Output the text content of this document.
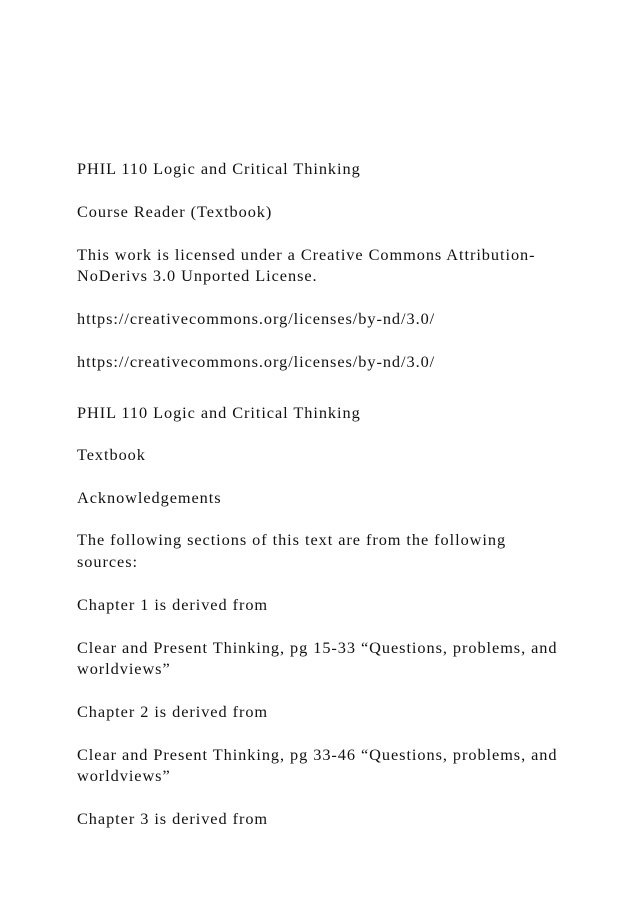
PHIL 110 Logic and Critical Thinking

Course Reader (Textbook)

This work is licensed under a Creative Commons Attribution-

NoDerivs 3.0 Unported License.

https://creativecommons.org/licenses/by-nd/3.0/

https://creativecommons.org/licenses/by-nd/3.0/

PHIL 110 Logic and Critical Thinking

Textbook

Acknowledgements

The following sections of this text are from the following

sources:

Chapter 1 is derived from

Clear and Present Thinking, pg 15-33 “Questions, problems, and

worldviews”

Chapter 2 is derived from

Clear and Present Thinking, pg 33-46 “Questions, problems, and

worldviews”

Chapter 3 is derived from
